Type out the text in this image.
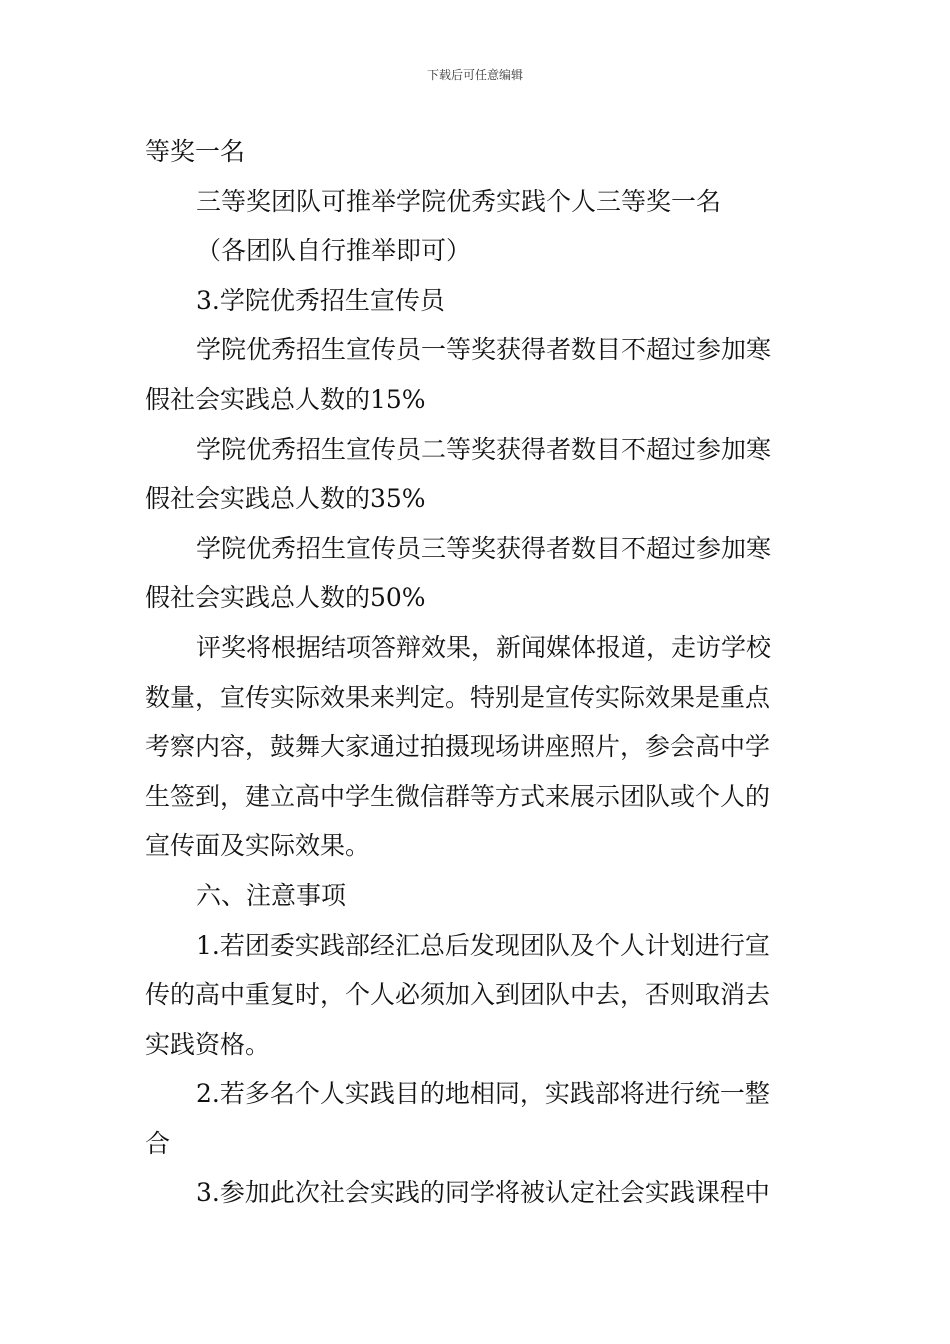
下载后可任意编辑
等奖一名
三等奖团队可推举学院优秀实践个人三等奖一名
（各团队自行推举即可）
3.学院优秀招生宣传员
学院优秀招生宣传员一等奖获得者数目不超过参加寒
假社会实践总人数的15%
学院优秀招生宣传员二等奖获得者数目不超过参加寒
假社会实践总人数的35%
学院优秀招生宣传员三等奖获得者数目不超过参加寒
假社会实践总人数的50%
评奖将根据结项答辩效果，新闻媒体报道，走访学校
数量，宣传实际效果来判定。特别是宣传实际效果是重点
考察内容，鼓舞大家通过拍摄现场讲座照片，参会高中学
生签到，建立高中学生微信群等方式来展示团队或个人的
宣传面及实际效果。
六、注意事项
1.若团委实践部经汇总后发现团队及个人计划进行宣
传的高中重复时，个人必须加入到团队中去，否则取消去
实践资格。
2.若多名个人实践目的地相同，实践部将进行统一整
合
3.参加此次社会实践的同学将被认定社会实践课程中
